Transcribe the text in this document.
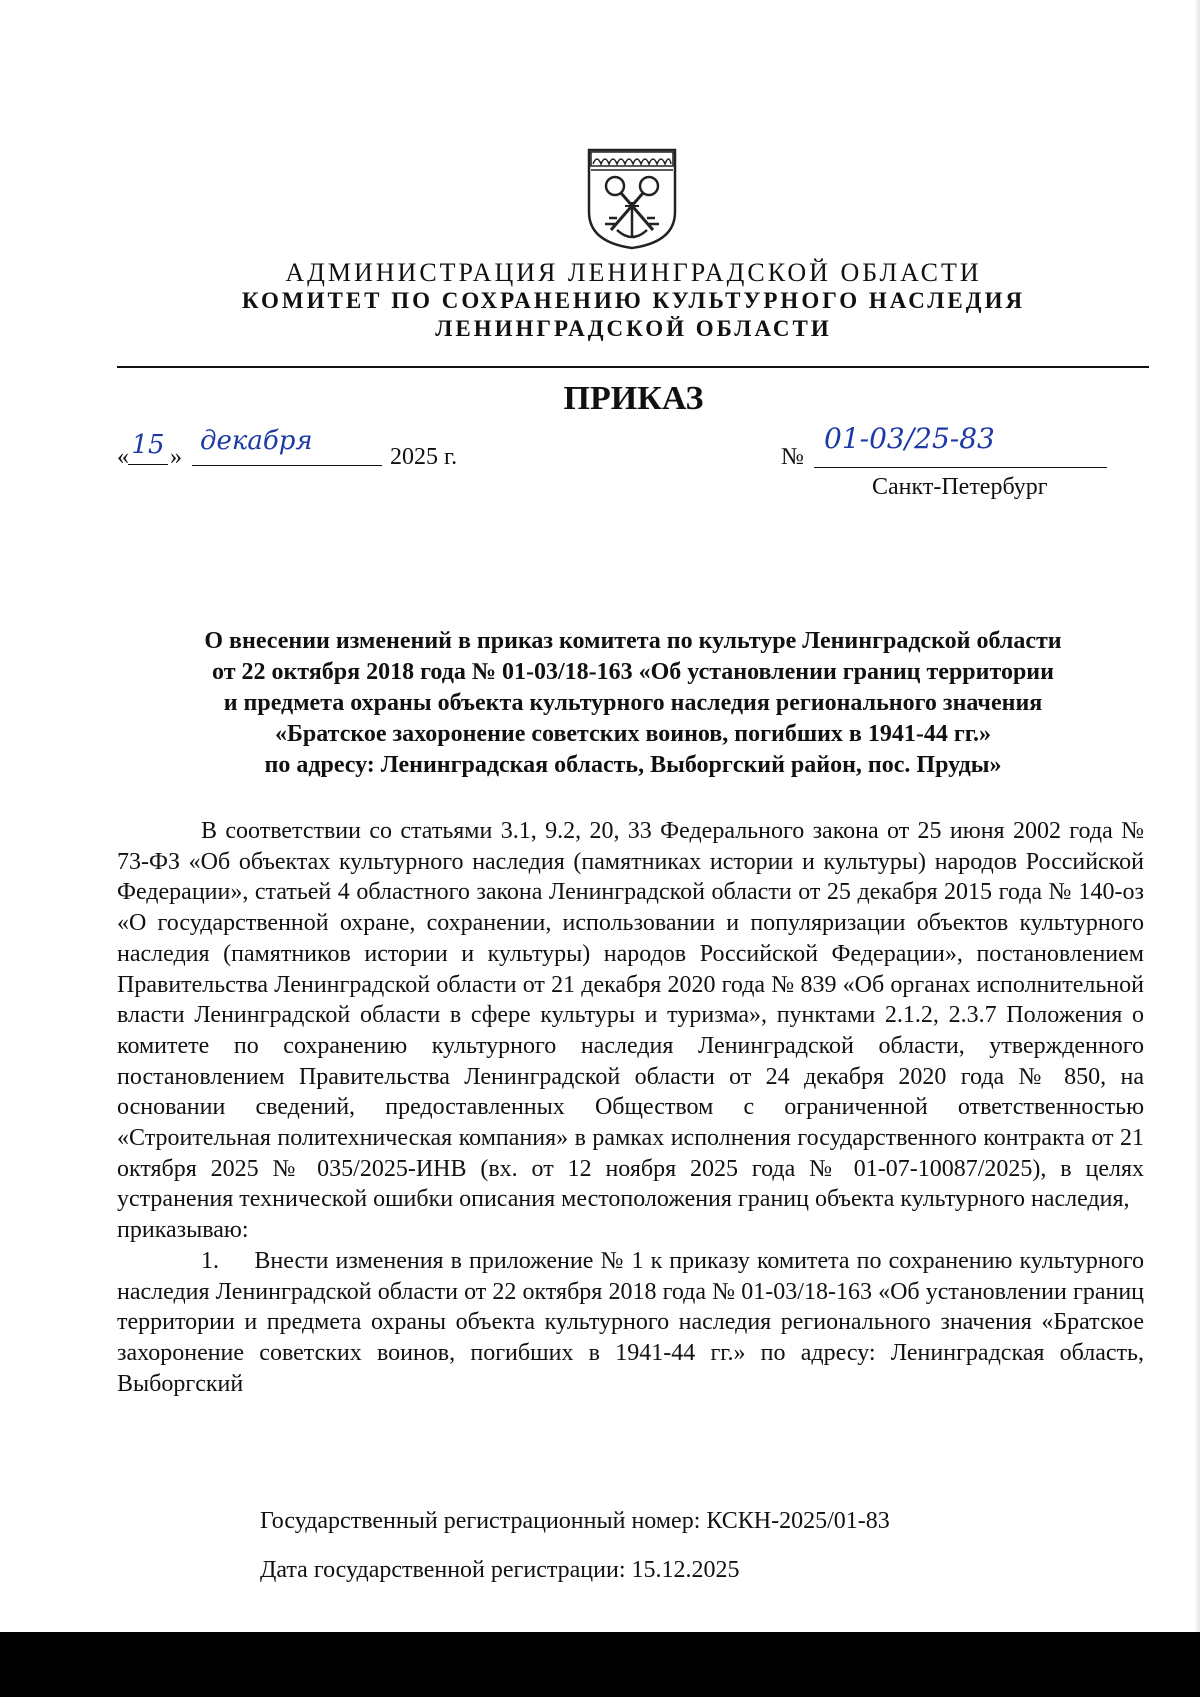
АДМИНИСТРАЦИЯ ЛЕНИНГРАДСКОЙ ОБЛАСТИ
КОМИТЕТ ПО СОХРАНЕНИЮ КУЛЬТУРНОГО НАСЛЕДИЯ
ЛЕНИНГРАДСКОЙ ОБЛАСТИ
ПРИКАЗ
« 15 »
декабря
2025 г.	№
01-03/25-83
Санкт-Петербург
О внесении изменений в приказ комитета по культуре Ленинградской области
от 22 октября 2018 года № 01-03/18-163 «Об установлении границ территории
и предмета охраны объекта культурного наследия регионального значения
«Братское захоронение советских воинов, погибших в 1941-44 гг.»
по адресу: Ленинградская область, Выборгский район, пос. Пруды»

В соответствии со статьями 3.1, 9.2, 20, 33 Федерального закона от 25 июня 2002 года № 73-ФЗ «Об объектах культурного наследия (памятниках истории и культуры) народов Российской Федерации», статьей 4 областного закона Ленинградской области от 25 декабря 2015 года № 140-оз «О государственной охране, сохранении, использовании и популяризации объектов культурного наследия (памятников истории и культуры) народов Российской Федерации», постановлением Правительства Ленинградской области от 21 декабря 2020 года № 839 «Об органах исполнительной власти Ленинградской области в сфере культуры и туризма», пунктами 2.1.2, 2.3.7 Положения о комитете по сохранению культурного наследия Ленинградской области, утвержденного постановлением Правительства Ленинградской области от 24 декабря 2020 года № 850, на основании сведений, предоставленных Обществом с ограниченной ответственностью «Строительная политехническая компания» в рамках исполнения государственного контракта от 21 октября 2025 № 035/2025-ИНВ (вх. от 12 ноября 2025 года № 01-07-10087/2025), в целях устранения технической ошибки описания местоположения границ объекта культурного наследия,

приказываю:

1.     Внести изменения в приложение № 1 к приказу комитета по сохранению культурного наследия Ленинградской области от 22 октября 2018 года № 01-03/18-163 «Об установлении границ территории и предмета охраны объекта культурного наследия регионального значения «Братское захоронение советских воинов, погибших в 1941-44 гг.» по адресу: Ленинградская область, Выборгский

Государственный регистрационный номер: КСКН-2025/01-83
Дата государственной регистрации: 15.12.2025
